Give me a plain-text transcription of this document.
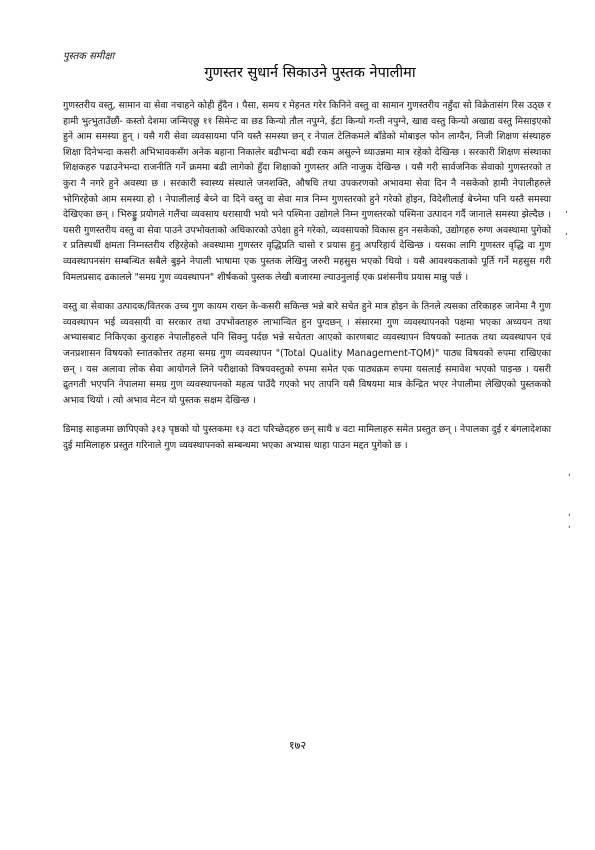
पुस्तक समीक्षा
गुणस्तर सुधार्न सिकाउने पुस्तक नेपालीमा

गुणस्तरीय वस्तु, सामान वा सेवा नचाहने कोही हुँदैन । पैसा, समय र मेहनत गरेर किनिने वस्तु वा सामान गुणस्तरीय नहुँदा सो विक्रेतासंग रिस उठ्छ र हामी भुत्भुताउँछौं- कस्तो देशमा जन्मिएछु ११ सिमेन्ट वा छड किन्यो तौल नपुग्ने, ईटा किन्यो गन्ती नपुग्ने, खाद्य वस्तु किन्यो अखाद्य वस्तु मिसाइएको हुने आम समस्या हुन् । यसै गरी सेवा व्यवसायमा पनि यस्तै समस्या छन् र नेपाल टेलिकमले बाँडेको मोबाइल फोन लाग्दैन, निजी शिक्षण संस्थाहरु शिक्षा दिनेभन्दा कसरी अभिभावकसँग अनेक बहाना निकालेर बढीभन्दा बढी रकम असुल्ने ध्याउन्नमा मात्र रहेको देखिन्छ । सरकारी शिक्षण संस्थाका शिक्षकहरु पढाउनेभन्दा राजनीति गर्ने क्रममा बढी लागेको हुँदा शिक्षाको गुणस्तर अति नाजुक देखिन्छ । यसै गरी सार्वजनिक सेवाको गुणस्तरको त कुरा नै नगरे हुने अवस्था छ । सरकारी स्वास्थ्य संस्थाले जनशक्ति, औषधि तथा उपकरणको अभावमा सेवा दिन नै नसकेको हामी नेपालीहरुले भोगिरहेको आम समस्या हो । नेपालीलाई बेच्ने वा दिने वस्तु वा सेवा मात्र निम्न गुणस्तरको हुने गरेको होइन, विदेशीलाई बेच्नेमा पनि यस्तै समस्या देखिएका छन् । भिरुड्डु प्रयोगले गलैंचा व्यवसाय धरासायी भयो भने पश्मिना उद्योगले निम्न गुणस्तरको पश्मिना उत्पादन गर्दै जानाले समस्या झेल्दैछ । यसरी गुणस्तरीय वस्तु वा सेवा पाउने उपभोक्ताको अधिकारको उपेक्षा हुने गरेको, व्यवसायको विकास हुन नसकेको, उद्योगहरु रुग्ण अवस्थामा पुगेको र प्रतिस्पर्धी क्षमता निम्नस्तरीय रहिरहेको अवस्थामा गुणस्तर वृद्धिप्रति चासो र प्रयास हुनु अपरिहार्य देखिन्छ । यसका लागि गुणस्तर वृद्धि वा गुण व्यवस्थापनसंग सम्बन्धित सबैले बुझ्ने नेपाली भाषामा एक पुस्तक लेखिनु जरुरी महसुस भएको थियो । यसै आवश्यकताको पूर्ति गर्ने महसुस गरी विमलप्रसाद ढकालले "समग्र गुण व्यवस्थापन" शीर्षकको पुस्तक लेखी बजारमा ल्याउनुलाई एक प्रशंसनीय प्रयास मान्नु पर्छ ।

वस्तु वा सेवाका उत्पादक/वितरक उच्च गुण कायम राख्न के-कसरी सकिन्छ भन्ने बारे सचेत हुने मात्र होइन के तिनले त्यसका तरिकाहरु जानेमा नै गुण व्यवस्थापन भई व्यवसायी वा सरकार तथा उपभोक्ताहरु लाभान्वित हुन पुग्दछन् । संसारमा गुण व्यवस्थापनको पक्षमा भएका अध्ययन तथा अभ्यासबाट निकिएका कुराहरु नेपालीहरुले पनि सिक्नु पर्दछ भन्ने सचेतता आएको कारणबाट व्यवस्थापन विषयको स्नातक तथा व्यवस्थापन एवं जनप्रशासन विषयको स्नातकोत्तर तहमा समग्र गुण व्यवस्थापन "(Total Quality Management-TQM)" पाठ्य विषयको रुपमा राखिएका छन् । यस अलावा लोक सेवा आयोगले लिने परीक्षाको विषयवस्तुको रुपमा समेत एक पाठ्यक्रम रुपमा यसलाई समावेश भएको पाइन्छ । यसरी द्रुतगती भएपनि नेपालमा समग्र गुण व्यवस्थापनको महत्व पाउँदै गएको भए तापनि यसै विषयमा मात्र केन्द्रित भएर नेपालीमा लेखिएको पुस्तकको अभाव थियो । त्यो अभाव मेटन यो पुस्तक सक्षम देखिन्छ ।

डिमाइ साइजमा छापिएको ३१३ पृष्ठको यो पुस्तकमा १३ वटा परिच्छेदहरु छन् साथै ४ वटा मामिलाहरु समेत प्रस्तुत छन् । नेपालका दुई र बंगलादेशका दुई मामिलाहरु प्रस्तुत गरिनाले गुण व्यवस्थापनको सम्बन्धमा भएका अभ्यास थाहा पाउन मद्दत पुगेको छ ।

,
,
,
,
,
१७२
